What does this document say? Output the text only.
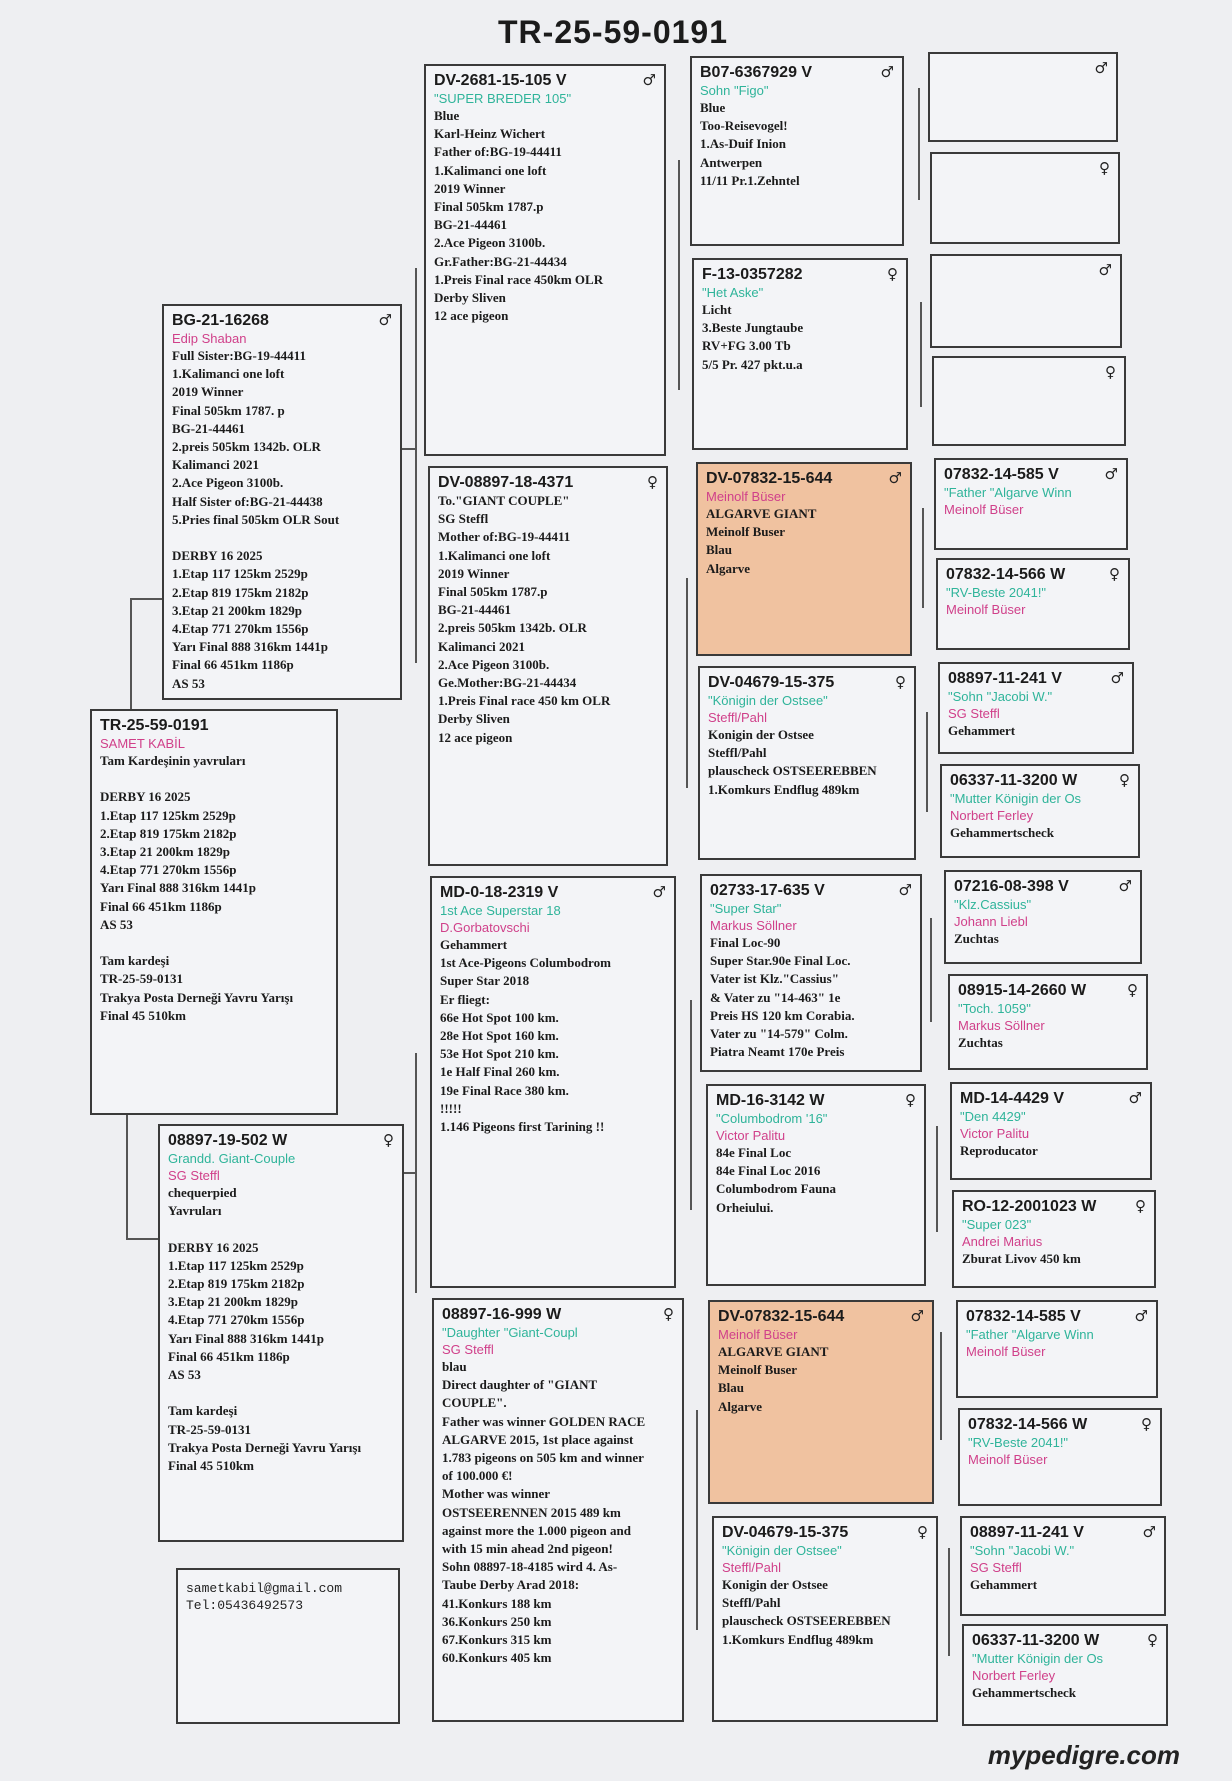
TR-25-59-0191
TR-25-59-0191
SAMET KABİL
Tam Kardeşinin yavruları

DERBY 16 2025
1.Etap 117 125km 2529p
2.Etap 819 175km 2182p
3.Etap 21 200km 1829p
4.Etap 771 270km 1556p
Yarı Final 888 316km 1441p
Final 66 451km 1186p
AS 53

Tam kardeşi
TR-25-59-0131
Trakya Posta Derneği Yavru Yarışı
Final 45 510km
BG-21-16268	♂
Edip Shaban
Full Sister:BG-19-44411
1.Kalimanci one loft
2019 Winner
Final 505km 1787. p
BG-21-44461
2.preis 505km 1342b. OLR
Kalimanci 2021
2.Ace Pigeon 3100b.
Half Sister of:BG-21-44438
5.Pries final 505km OLR Sout

DERBY 16 2025
1.Etap 117 125km 2529p
2.Etap 819 175km 2182p
3.Etap 21 200km 1829p
4.Etap 771 270km 1556p
Yarı Final 888 316km 1441p
Final 66 451km 1186p
AS 53
08897-19-502 W	♀
Grandd. Giant-Couple
SG Steffl
chequerpied
Yavruları

DERBY 16 2025
1.Etap 117 125km 2529p
2.Etap 819 175km 2182p
3.Etap 21 200km 1829p
4.Etap 771 270km 1556p
Yarı Final 888 316km 1441p
Final 66 451km 1186p
AS 53

Tam kardeşi
TR-25-59-0131
Trakya Posta Derneği Yavru Yarışı
Final 45 510km
sametkabil@gmail.com
Tel:05436492573
DV-2681-15-105 V	♂
"SUPER BREDER 105"
Blue
Karl-Heinz Wichert
Father of:BG-19-44411
1.Kalimanci one loft
2019 Winner
Final 505km 1787.p
BG-21-44461
2.Ace Pigeon 3100b.
Gr.Father:BG-21-44434
1.Preis Final race 450km OLR
Derby Sliven
12 ace pigeon
DV-08897-18-4371	♀
To."GIANT COUPLE"
SG Steffl
Mother of:BG-19-44411
1.Kalimanci one loft
2019 Winner
Final 505km 1787.p
BG-21-44461
2.preis 505km 1342b. OLR
Kalimanci 2021
2.Ace Pigeon 3100b.
Ge.Mother:BG-21-44434
1.Preis Final race 450 km OLR
Derby Sliven
12 ace pigeon
MD-0-18-2319 V	♂
1st Ace Superstar 18
D.Gorbatovschi
Gehammert
1st Ace-Pigeons Columbodrom
Super Star 2018
Er fliegt:
66e Hot Spot 100 km.
28e Hot Spot 160 km.
53e Hot Spot 210 km.
1e Half Final 260 km.
19e Final Race 380 km.
!!!!!
1.146 Pigeons first Tarining !!
08897-16-999 W	♀
"Daughter "Giant-Coupl
SG Steffl
blau
Direct daughter of "GIANT
COUPLE".
Father was winner GOLDEN RACE
ALGARVE 2015, 1st place against
1.783 pigeons on 505 km and winner
of 100.000 €!
Mother was winner
OSTSEERENNEN 2015 489 km
against more the 1.000 pigeon and
with 15 min ahead 2nd pigeon!
Sohn 08897-18-4185 wird 4. As-
Taube Derby Arad 2018:
41.Konkurs 188 km
36.Konkurs 250 km
67.Konkurs 315 km
60.Konkurs 405 km
B07-6367929 V	♂
Sohn "Figo"
Blue
Too-Reisevogel!
1.As-Duif Inion
Antwerpen
11/11 Pr.1.Zehntel
F-13-0357282	♀
"Het Aske"
Licht
3.Beste Jungtaube
RV+FG 3.00 Tb
5/5 Pr. 427 pkt.u.a
DV-07832-15-644	♂
Meinolf Büser
ALGARVE GIANT
Meinolf Buser
Blau
Algarve
DV-04679-15-375	♀
"Königin der Ostsee"
Steffl/Pahl
Konigin der Ostsee
Steffl/Pahl
plauscheck OSTSEEREBBEN
1.Komkurs Endflug 489km
02733-17-635 V	♂
"Super Star"
Markus Söllner
Final Loc-90
Super Star.90e Final Loc.
Vater ist Klz."Cassius"
& Vater zu "14-463" 1e
Preis HS 120 km Corabia.
Vater zu "14-579" Colm.
Piatra Neamt 170e Preis
MD-16-3142 W	♀
"Columbodrom '16"
Victor Palitu
84e Final Loc
84e Final Loc 2016
Columbodrom Fauna
Orheiului.
DV-07832-15-644	♂
Meinolf Büser
ALGARVE GIANT
Meinolf Buser
Blau
Algarve
DV-04679-15-375	♀
"Königin der Ostsee"
Steffl/Pahl
Konigin der Ostsee
Steffl/Pahl
plauscheck OSTSEEREBBEN
1.Komkurs Endflug 489km
♂
♀
♂
♀
07832-14-585 V	♂
"Father "Algarve Winn
Meinolf Büser
07832-14-566 W	♀
"RV-Beste 2041!"
Meinolf Büser
08897-11-241 V	♂
"Sohn "Jacobi W."
SG Steffl
Gehammert
06337-11-3200 W	♀
"Mutter Königin der Os
Norbert Ferley
Gehammertscheck
07216-08-398 V	♂
"Klz.Cassius"
Johann Liebl
Zuchtas
08915-14-2660 W	♀
"Toch. 1059"
Markus Söllner
Zuchtas
MD-14-4429 V	♂
"Den 4429"
Victor Palitu
Reproducator
RO-12-2001023 W	♀
"Super 023"
Andrei Marius
Zburat Livov 450 km
07832-14-585 V	♂
"Father "Algarve Winn
Meinolf Büser
07832-14-566 W	♀
"RV-Beste 2041!"
Meinolf Büser
08897-11-241 V	♂
"Sohn "Jacobi W."
SG Steffl
Gehammert
06337-11-3200 W	♀
"Mutter Königin der Os
Norbert Ferley
Gehammertscheck
mypedigre.com
